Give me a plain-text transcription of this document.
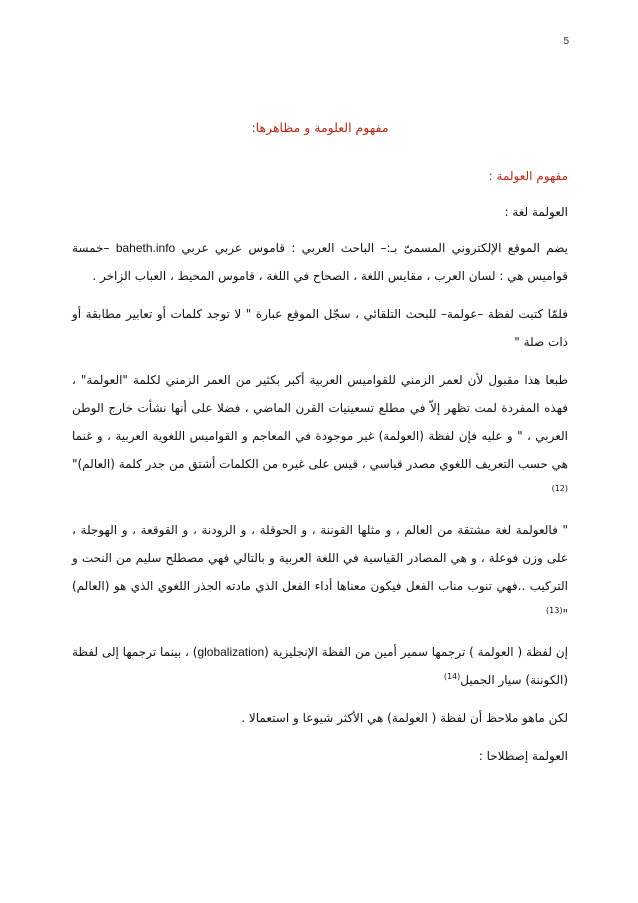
5
مفهوم العلومة و مظاهرها:
مفهوم العولمة :
العولمة لغة :

يضم الموقع الإلكتروني المسمىّ بـ:– الباحث العربي : قاموس عربي عربي baheth.info –خمسة قواميس هي : لسان العرب ، مقايس اللغة ، الصحاح في اللغة ، قاموس المحيط ، العباب الزاخر .

فلمّا كتبت لفظة –عولمة– للبحث التلقائي ، سجّل الموقع عبارة " لا توجد كلمات أو تعابير مطابقة أو ذات صلة "

طبعا هذا مقبول لأن لعمر الزمني للقواميس العربية أكبر بكثير من العمر الزمني لكلمة "العولمة" ، فهذه المفردة لمت تظهر إلاّ في مطلع تسعينيات القرن الماضي ، فضلا على أنها نشأت خارج الوطن العربي ، " و عليه فإن لفظة (العولمة) غير موجودة في المعاجم و القواميس اللغوية العربية ، و غنما هي حسب التعريف اللغوي مصدر قياسي ، قيس على غيره من الكلمات أشتق من جدر كلمة (العالم)"$^{(12)}$

" فالعولمة لغة مشتقة من العالم ، و مثلها القوننة ، و الحوقلة ، و الرودنة ، و القوقعة ، و الهوجلة ، على وزن فوعلة ، و هي المصادر القياسية في اللغة العربية و بالتالي فهي مصطلح سليم من النحت و التركيب ..فهي تنوب مناب الفعل فيكون معناها أداء الفعل الذي مادته الجذر اللغوي الذي هو (العالم) "$^{(13)}$

إن لفظة ( العولمة ) ترجمها سمير أمين من الفظة الإنجليزية (globalization) ، بينما ترجمها إلى لفظة (الكوننة) سيار الجميل$^{(14)}$

لكن ماهو ملاحظ أن لفظة ( العولمة) هي الأكثر شيوعا و استعمالا .

العولمة إصطلاحا :
